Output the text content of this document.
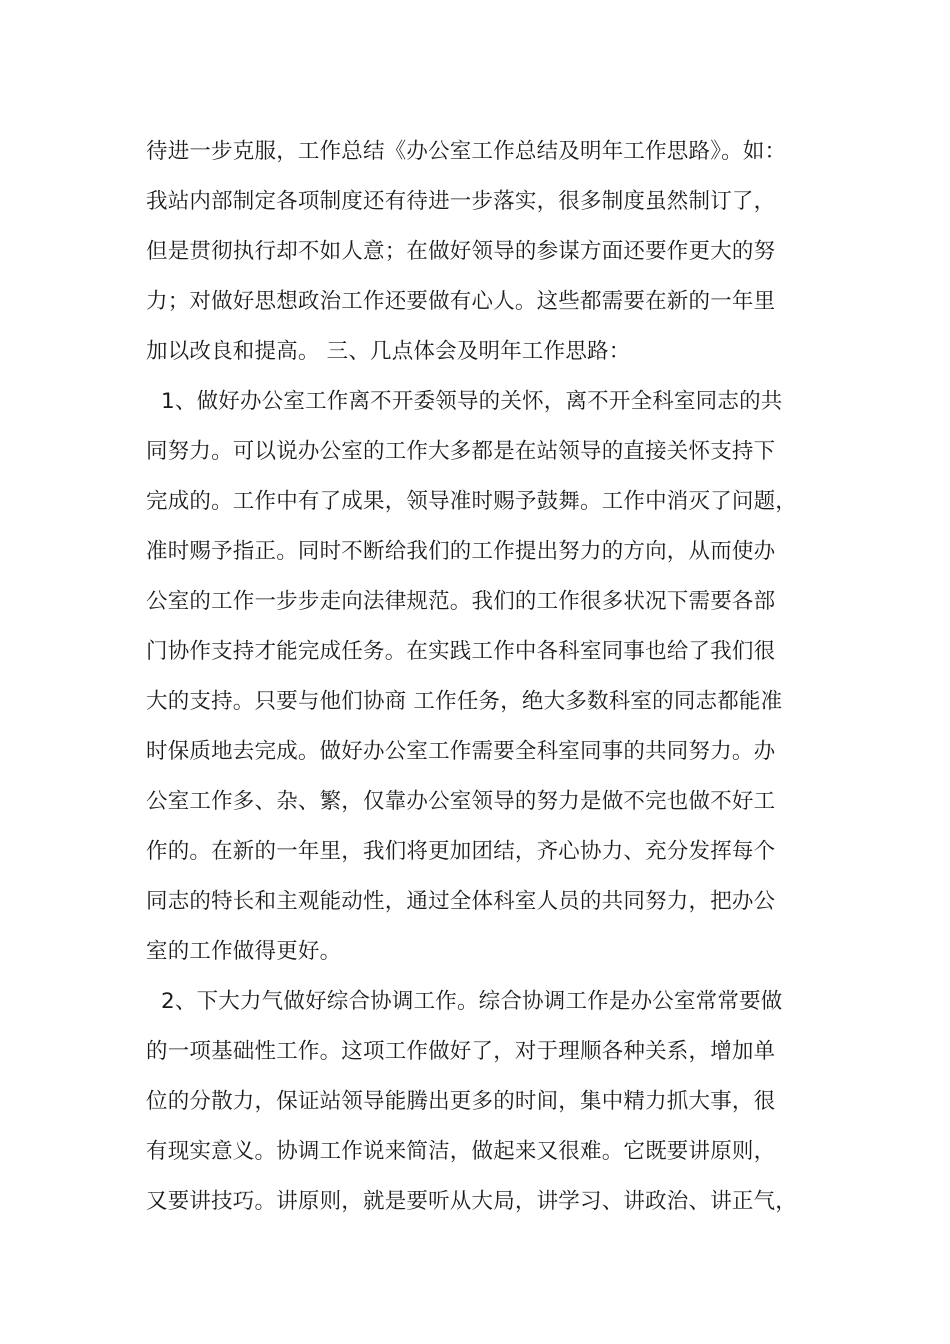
待进一步克服，工作总结《办公室工作总结及明年工作思路》。如：
我站内部制定各项制度还有待进一步落实，很多制度虽然制订了，
但是贯彻执行却不如人意；在做好领导的参谋方面还要作更大的努
力；对做好思想政治工作还要做有心人。这些都需要在新的一年里
加以改良和提高。 三、几点体会及明年工作思路：
1、做好办公室工作离不开委领导的关怀，离不开全科室同志的共
同努力。可以说办公室的工作大多都是在站领导的直接关怀支持下
完成的。工作中有了成果，领导准时赐予鼓舞。工作中消灭了问题，
准时赐予指正。同时不断给我们的工作提出努力的方向，从而使办
公室的工作一步步走向法律规范。我们的工作很多状况下需要各部
门协作支持才能完成任务。在实践工作中各科室同事也给了我们很
大的支持。只要与他们协商 工作任务，绝大多数科室的同志都能准
时保质地去完成。做好办公室工作需要全科室同事的共同努力。办
公室工作多、杂、繁，仅靠办公室领导的努力是做不完也做不好工
作的。在新的一年里，我们将更加团结，齐心协力、充分发挥每个
同志的特长和主观能动性，通过全体科室人员的共同努力，把办公
室的工作做得更好。
2、下大力气做好综合协调工作。综合协调工作是办公室常常要做
的一项基础性工作。这项工作做好了，对于理顺各种关系，增加单
位的分散力，保证站领导能腾出更多的时间，集中精力抓大事，很
有现实意义。协调工作说来简洁，做起来又很难。它既要讲原则，
又要讲技巧。讲原则，就是要听从大局，讲学习、讲政治、讲正气，
